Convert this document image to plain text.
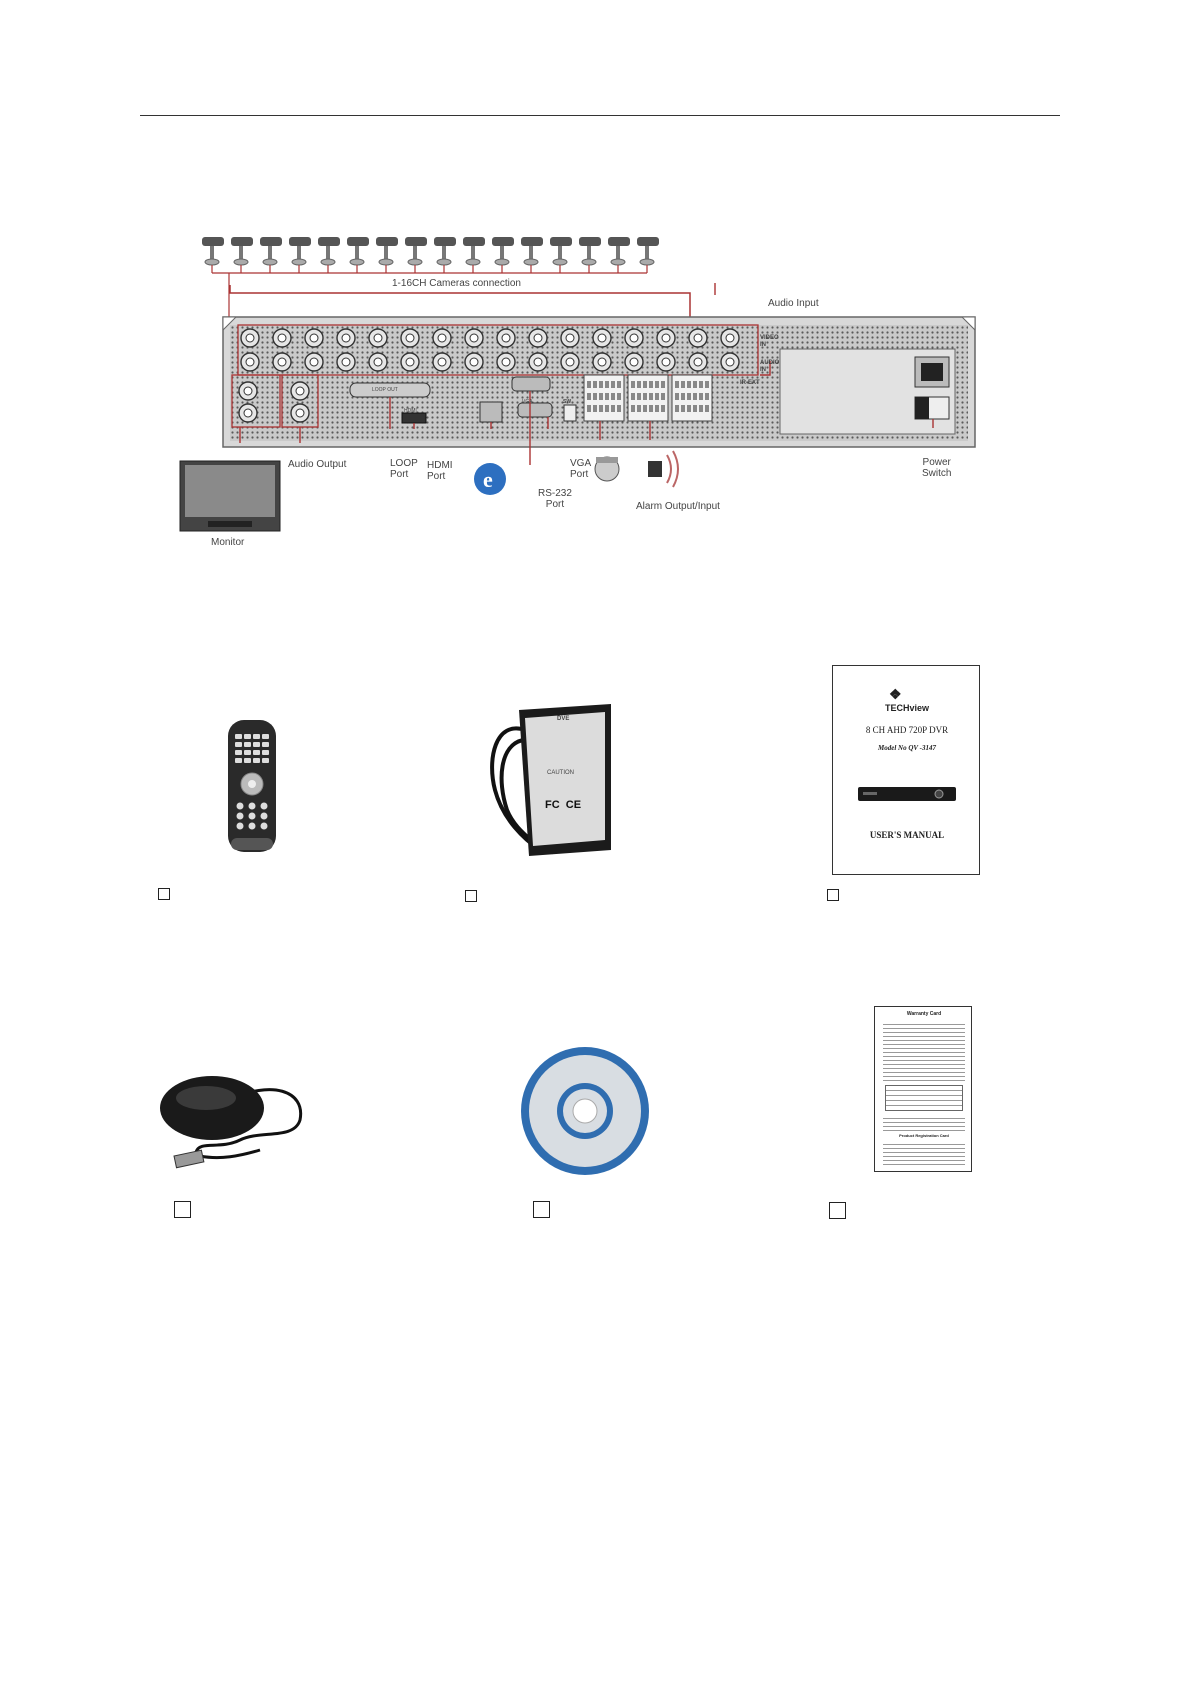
e
1-16CH Cameras connection
Audio Input
VIDEO
IN
AUDIO
IN
IR-EXT
LOOP OUT
HDMI
VGA	SW
Audio Output	LOOP
Port
HDMI
Port
VGA
Port
RS-232
Port	Alarm Output/Input
Power
Switch
Monitor
DVE
CAUTION
FC  CE
❖
TECHview
8 CH AHD 720P DVR
Model No QV -3147
USER'S MANUAL
Warranty Card
Product Registration Card
